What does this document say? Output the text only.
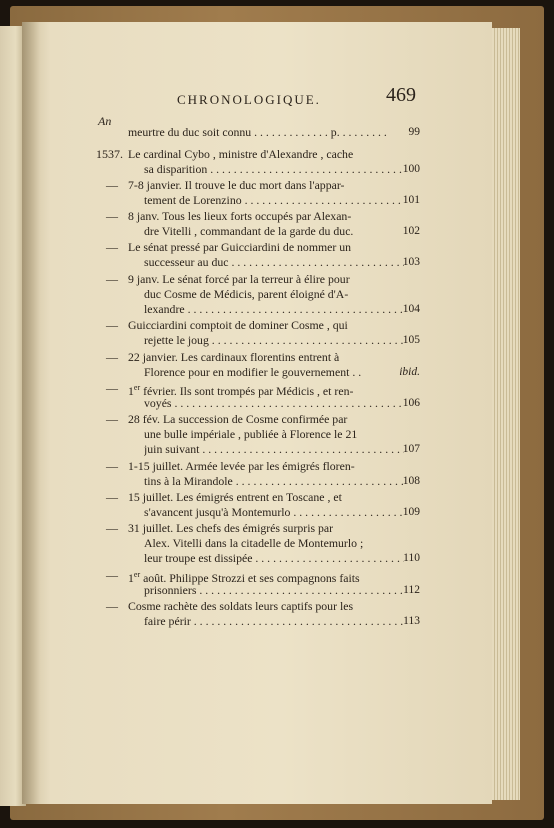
CHRONOLOGIQUE.	469
An
meurtre du duc soit connu . . . . . . . . . . . . . p. . . .	99
1537. Le cardinal Cybo , ministre d'Alexandre , cache
sa disparition . . .	100
— 7-8 janvier. Il trouve le duc mort dans l'appar-
tement de Lorenzino . . .	101
— 8 janv. Tous les lieux forts occupés par Alexan-
dre Vitelli , commandant de la garde du duc.	102
— Le sénat pressé par Guicciardini de nommer un
successeur au duc . . .	103
— 9 janv. Le sénat forcé par la terreur à élire pour
duc Cosme de Médicis, parent éloigné d'A-
lexandre . . .	104
— Guicciardini comptoit de dominer Cosme , qui
rejette le joug . . .	105
— 22 janvier. Les cardinaux florentins entrent à
Florence pour en modifier le gouvernement . .	ibid.
— 1er février. Ils sont trompés par Médicis , et ren-
voyés . . .	106
— 28 fév. La succession de Cosme confirmée par
une bulle impériale , publiée à Florence le 21
juin suivant . . .	107
— 1-15 juillet. Armée levée par les émigrés floren-
tins à la Mirandole . . .	108
— 15 juillet. Les émigrés entrent en Toscane , et
s'avancent jusqu'à Montemurlo . . .	109
— 31 juillet. Les chefs des émigrés surpris par
Alex. Vitelli dans la citadelle de Montemurlo ;
leur troupe est dissipée . . .	110
— 1er août. Philippe Strozzi et ses compagnons faits
prisonniers . . .	112
— Cosme rachète des soldats leurs captifs pour les
faire périr . . .	113
